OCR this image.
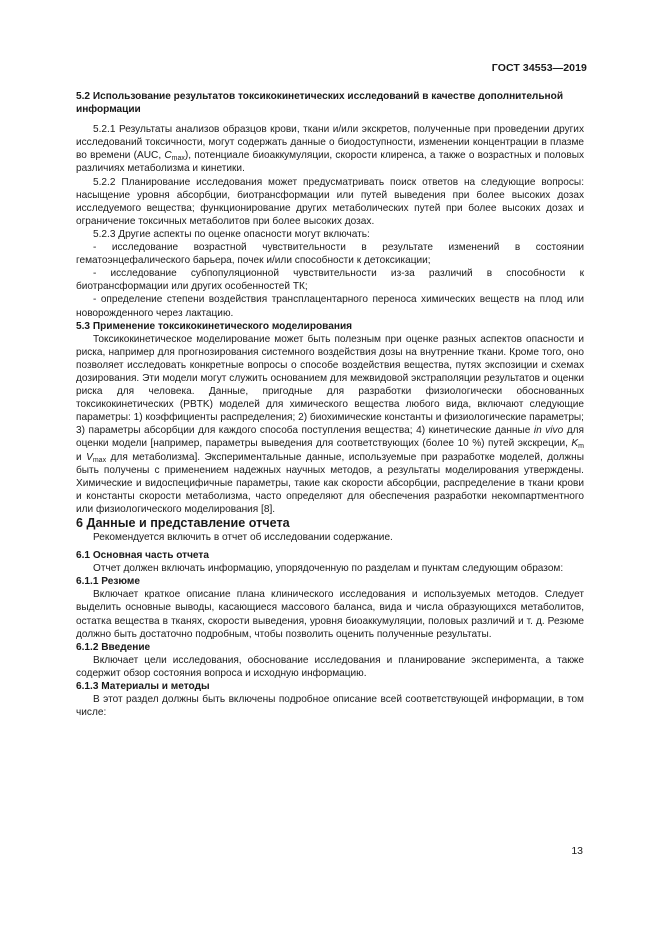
ГОСТ 34553—2019

5.2 Использование результатов токсикокинетических исследований в качестве дополнительной информации

5.2.1 Результаты анализов образцов крови, ткани и/или экскретов, полученные при проведении других исследований токсичности, могут содержать данные о биодоступности, изменении концентрации в плазме во времени (AUC, $C_{max}$), потенциале биоаккумуляции, скорости клиренса, а также о возрастных и половых различиях метаболизма и кинетики.

5.2.2 Планирование исследования может предусматривать поиск ответов на следующие вопросы: насыщение уровня абсорбции, биотрансформации или путей выведения при более высоких дозах исследуемого вещества; функционирование других метаболических путей при более высоких дозах и ограничение токсичных метаболитов при более высоких дозах.

5.2.3 Другие аспекты по оценке опасности могут включать:

- исследование возрастной чувствительности в результате изменений в состоянии гематоэнцефалического барьера, почек и/или способности к детоксикации;

- исследование субпопуляционной чувствительности из-за различий в способности к биотрансформации или других особенностей ТК;

- определение степени воздействия трансплацентарного переноса химических веществ на плод или новорожденного через лактацию.

5.3 Применение токсикокинетического моделирования

Токсикокинетическое моделирование может быть полезным при оценке разных аспектов опасности и риска, например для прогнозирования системного воздействия дозы на внутренние ткани. Кроме того, оно позволяет исследовать конкретные вопросы о способе воздействия вещества, путях экспозиции и схемах дозирования. Эти модели могут служить основанием для межвидовой экстраполяции результатов и оценки риска для человека. Данные, пригодные для разработки физиологически обоснованных токсикокинетических (PBTK) моделей для химического вещества любого вида, включают следующие параметры: 1) коэффициенты распределения; 2) биохимические константы и физиологические параметры; 3) параметры абсорбции для каждого способа поступления вещества; 4) кинетические данные in vivo для оценки модели [например, параметры выведения для соответствующих (более 10 %) путей экскреции, $K_m$ и $V_{max}$ для метаболизма]. Экспериментальные данные, используемые при разработке моделей, должны быть получены с применением надежных научных методов, а результаты моделирования утверждены. Химические и видоспецифичные параметры, такие как скорости абсорбции, распределение в ткани крови и константы скорости метаболизма, часто определяют для обеспечения разработки некомпартментного или физиологического моделирования [8].

6 Данные и представление отчета

Рекомендуется включить в отчет об исследовании содержание.

6.1 Основная часть отчета

Отчет должен включать информацию, упорядоченную по разделам и пунктам следующим образом:

6.1.1 Резюме

Включает краткое описание плана клинического исследования и используемых методов. Следует выделить основные выводы, касающиеся массового баланса, вида и числа образующихся метаболитов, остатка вещества в тканях, скорости выведения, уровня биоаккумуляции, половых различий и т. д. Резюме должно быть достаточно подробным, чтобы позволить оценить полученные результаты.

6.1.2 Введение

Включает цели исследования, обоснование исследования и планирование эксперимента, а также содержит обзор состояния вопроса и исходную информацию.

6.1.3 Материалы и методы

В этот раздел должны быть включены подробное описание всей соответствующей информации, в том числе:

13
